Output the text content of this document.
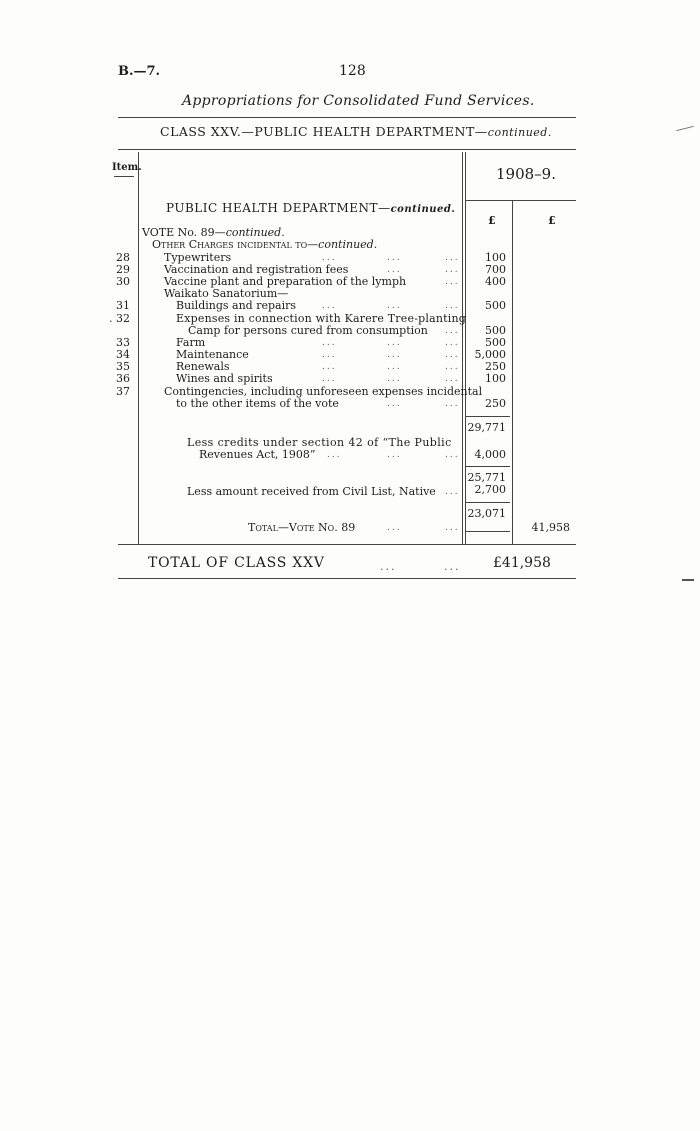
B.—7.	128
Appropriations for Consolidated Fund Services.
CLASS XXV.—PUBLIC HEALTH DEPARTMENT—continued.
Item.	1908–9.
£	£
PUBLIC HEALTH DEPARTMENT—continued.
VOTE No. 89—continued.
Other Charges incidental to—continued.
28	Typewriters	...	...	...	100
29	Vaccination and registration fees	...	...	700
30	Vaccine plant and preparation of the lymph	...	400
Waikato Sanatorium—
31	Buildings and repairs	...	...	...	500
. 32	Expenses in connection with Karere Tree-planting
Camp for persons cured from consumption ...	500
33	Farm	...	...	...	500
34	Maintenance	...	...	...	5,000
35	Renewals	...	...	...	250
36	Wines and spirits	...	...	...	100
37	Contingencies, including unforeseen expenses incidental
to the other items of the vote	...	...	250
29,771
Less credits under section 42 of “The Public
Revenues Act, 1908” ...	...	...	4,000
25,771
Less amount received from Civil List, Native ...	2,700
23,071
Total—Vote No. 89	...	...	41,958
TOTAL OF CLASS XXV	...	... £41,958
